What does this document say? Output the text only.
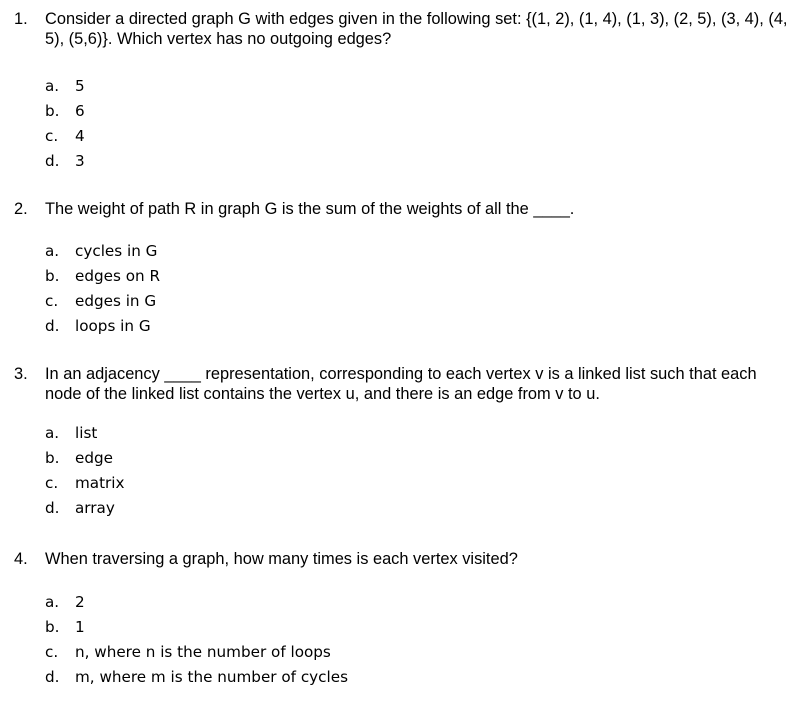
1. Consider a directed graph G with edges given in the following set: {(1, 2), (1, 4), (1, 3), (2, 5), (3, 4), (4, 5), (5,6)}. Which vertex has no outgoing edges?
a. 5
b. 6
c. 4
d. 3
2. The weight of path R in graph G is the sum of the weights of all the ____.
a. cycles in G
b. edges on R
c. edges in G
d. loops in G
3. In an adjacency ____ representation, corresponding to each vertex v is a linked list such that each node of the linked list contains the vertex u, and there is an edge from v to u.
a. list
b. edge
c. matrix
d. array
4. When traversing a graph, how many times is each vertex visited?
a. 2
b. 1
c. n, where n is the number of loops
d. m, where m is the number of cycles
